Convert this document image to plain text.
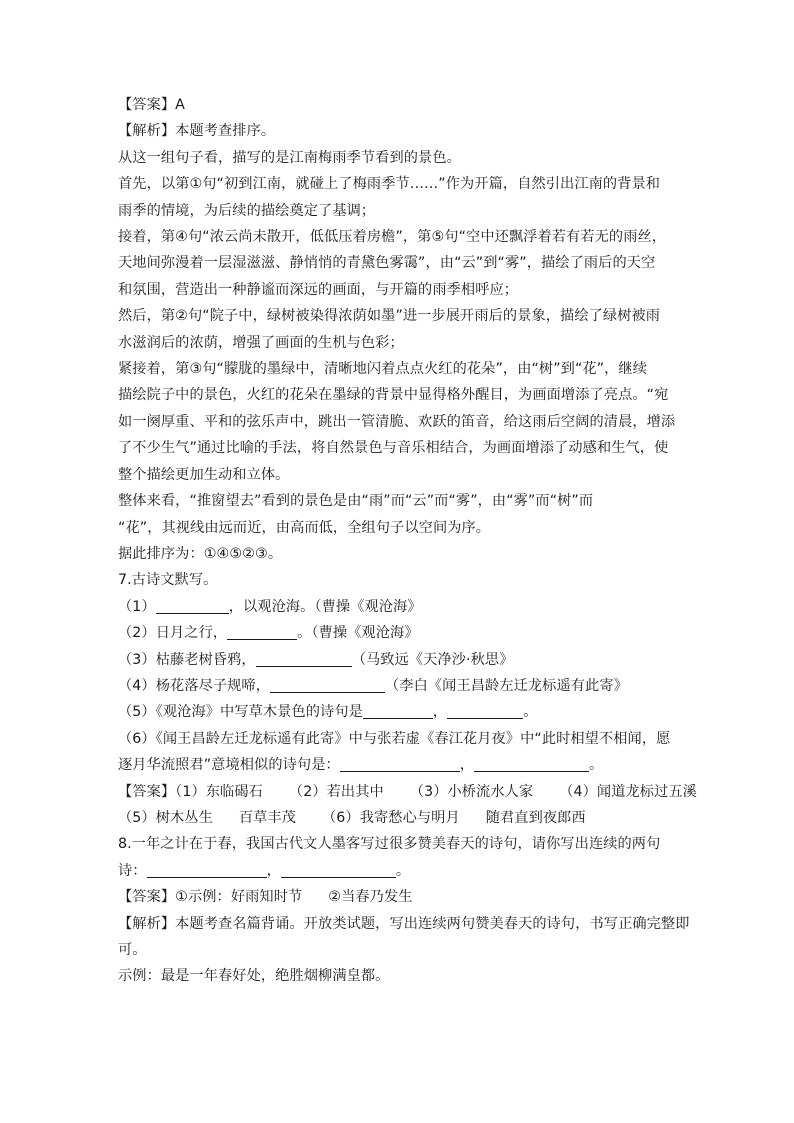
【答案】A
【解析】本题考查排序。
从这一组句子看，描写的是江南梅雨季节看到的景色。
首先，以第①句“初到江南，就碰上了梅雨季节……”作为开篇，自然引出江南的背景和
雨季的情境，为后续的描绘奠定了基调；
接着，第④句“浓云尚未散开，低低压着房檐”，第⑤句“空中还飘浮着若有若无的雨丝，
天地间弥漫着一层湿滋滋、静悄悄的青黛色雾霭”，由“云”到“雾”，描绘了雨后的天空
和氛围，营造出一种静谧而深远的画面，与开篇的雨季相呼应；
然后，第②句“院子中，绿树被染得浓荫如墨”进一步展开雨后的景象，描绘了绿树被雨
水滋润后的浓荫，增强了画面的生机与色彩；
紧接着，第③句“朦胧的墨绿中，清晰地闪着点点火红的花朵”，由“树”到“花”，继续
描绘院子中的景色，火红的花朵在墨绿的背景中显得格外醒目，为画面增添了亮点。“宛
如一阕厚重、平和的弦乐声中，跳出一管清脆、欢跃的笛音，给这雨后空阔的清晨，增添
了不少生气”通过比喻的手法，将自然景色与音乐相结合，为画面增添了动感和生气，使
整个描绘更加生动和立体。
整体来看，“推窗望去”看到的景色是由“雨”而“云”而“雾”，由“雾”而“树”而
“花”，其视线由远而近，由高而低，全组句子以空间为序。
据此排序为：①④⑤②③。
7.古诗文默写。
（1）	，以观沧海。（曹操《观沧海》
（2）日月之行，	。（曹操《观沧海》
（3）枯藤老树昏鸦，	（马致远《天净沙·秋思》
（4）杨花落尽子规啼，	（李白《闻王昌龄左迁龙标遥有此寄》
（5）《观沧海》中写草木景色的诗句是	，	。
（6）《闻王昌龄左迁龙标遥有此寄》中与张若虚《春江花月夜》中“此时相望不相闻，愿
逐月华流照君”意境相似的诗句是：	，	。
【答案】（1）东临碣石 （2）若出其中 （3）小桥流水人家 （4）闻道龙标过五溪
（5）树木丛生 百草丰茂 （6）我寄愁心与明月 随君直到夜郎西
8.一年之计在于春，我国古代文人墨客写过很多赞美春天的诗句，请你写出连续的两句
诗：	，	。
【答案】①示例：好雨知时节 ②当春乃发生
【解析】本题考查名篇背诵。开放类试题，写出连续两句赞美春天的诗句，书写正确完整即
可。
示例：最是一年春好处，绝胜烟柳满皇都。
